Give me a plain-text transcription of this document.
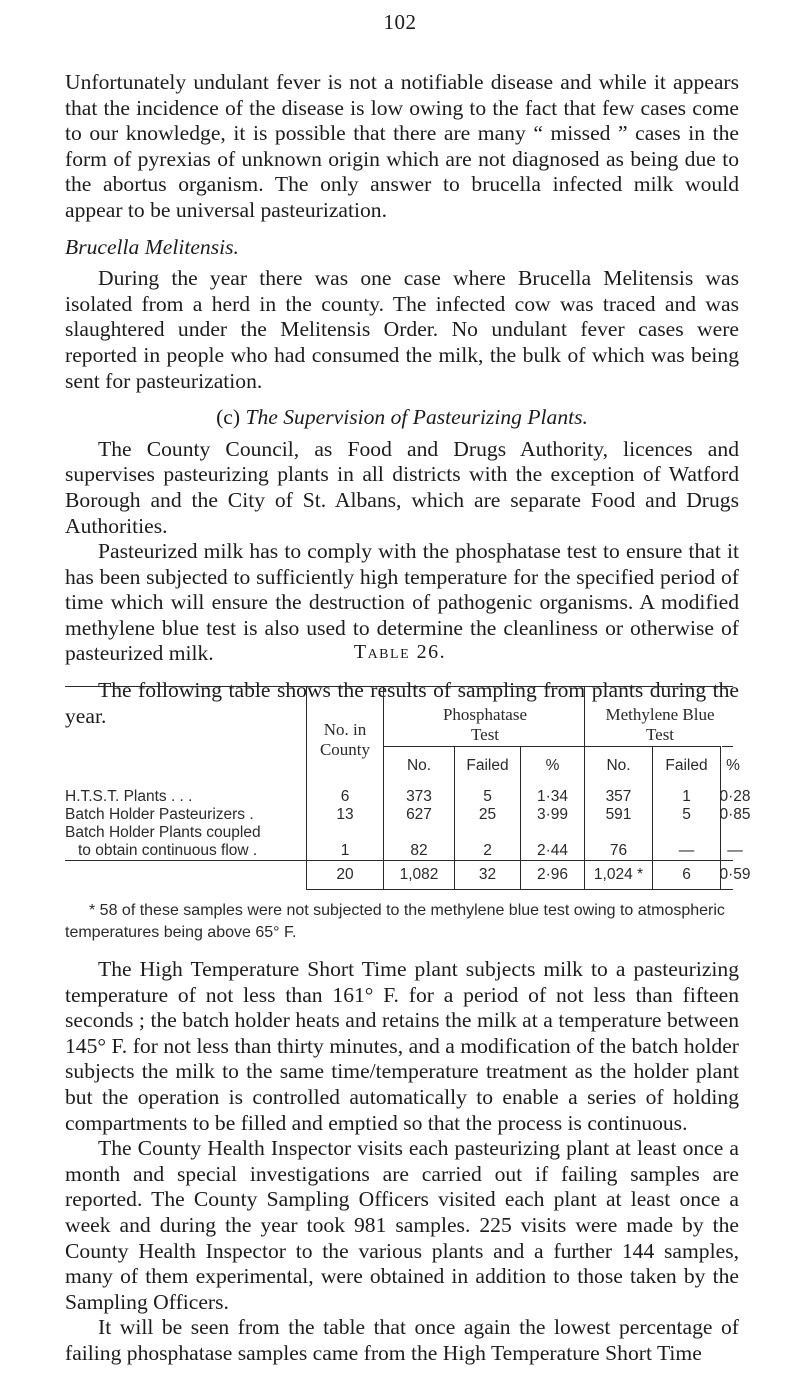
102

Unfortunately undulant fever is not a notifiable disease and while it appears that the incidence of the disease is low owing to the fact that few cases come to our knowledge, it is possible that there are many “ missed ” cases in the form of pyrexias of unknown origin which are not diagnosed as being due to the abortus organism. The only answer to brucella infected milk would appear to be universal pasteurization.

Brucella Melitensis.

During the year there was one case where Brucella Melitensis was isolated from a herd in the county. The infected cow was traced and was slaughtered under the Melitensis Order. No undulant fever cases were reported in people who had consumed the milk, the bulk of which was being sent for pasteurization.

(c) The Supervision of Pasteurizing Plants.

The County Council, as Food and Drugs Authority, licences and supervises pasteurizing plants in all districts with the exception of Watford Borough and the City of St. Albans, which are separate Food and Drugs Authorities.

Pasteurized milk has to comply with the phosphatase test to ensure that it has been subjected to sufficiently high temperature for the specified period of time which will ensure the destruction of pathogenic organisms. A modified methylene blue test is also used to determine the cleanliness or otherwise of pasteurized milk.

The following table shows the results of sampling from plants during the year.

Table 26.
No. in County
Phosphatase Test
Methylene Blue Test
No.	Failed	%	No.	Failed	%
H.T.S.T. Plants . . .	6	373	5	1·34	357	1	0·28
Batch Holder Pasteurizers .	13	627	25	3·99	591	5	0·85
Batch Holder Plants coupled
to obtain continuous flow .	1	82	2	2·44	76	—	—
20	1,082	32	2·96	1,024 *	6	0·59

* 58 of these samples were not subjected to the methylene blue test owing to atmospheric temperatures being above 65° F.

The High Temperature Short Time plant subjects milk to a pasteurizing temperature of not less than 161° F. for a period of not less than fifteen seconds ; the batch holder heats and retains the milk at a temperature between 145° F. for not less than thirty minutes, and a modification of the batch holder subjects the milk to the same time/temperature treatment as the holder plant but the operation is controlled automatically to enable a series of holding compartments to be filled and emptied so that the process is continuous.

The County Health Inspector visits each pasteurizing plant at least once a month and special investigations are carried out if failing samples are reported. The County Sampling Officers visited each plant at least once a week and during the year took 981 samples. 225 visits were made by the County Health Inspector to the various plants and a further 144 samples, many of them experimental, were obtained in addition to those taken by the Sampling Officers.

It will be seen from the table that once again the lowest percentage of failing phosphatase samples came from the High Temperature Short Time
